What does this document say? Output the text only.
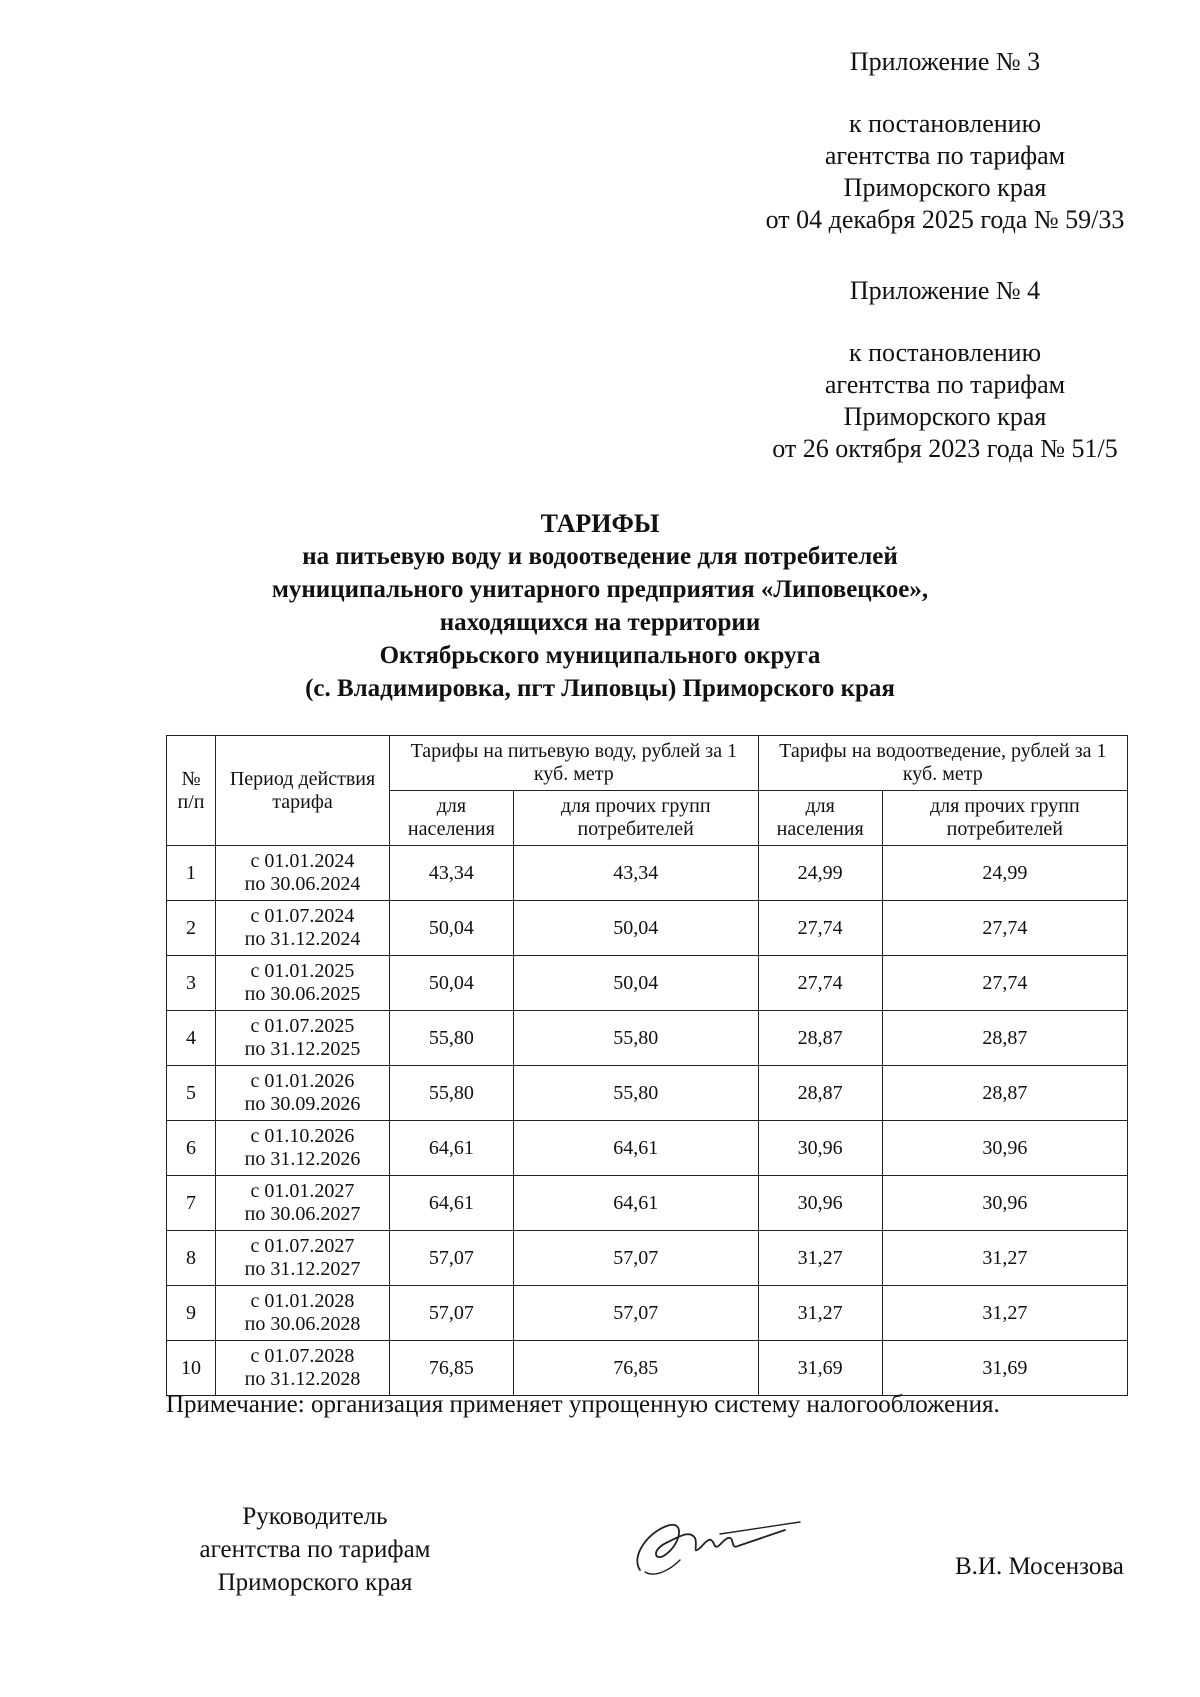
Приложение № 3
к постановлению
агентства по тарифам
Приморского края
от 04 декабря 2025 года № 59/33
Приложение № 4
к постановлению
агентства по тарифам
Приморского края
от 26 октября 2023 года № 51/5
ТАРИФЫ
на питьевую воду и водоотведение для потребителей
муниципального унитарного предприятия «Липовецкое»,
находящихся на территории
Октябрьского муниципального округа
(с. Владимировка, пгт Липовцы) Приморского края
№ п/п	Период действия тарифа	Тарифы на питьевую воду, рублей за 1 куб. метр		Тарифы на водоотведение, рублей за 1 куб. метр	
		для населения	для прочих групп потребителей	для населения	для прочих групп потребителей

1	с 01.01.2024
по 30.06.2024	43,34	43,34	24,99	24,99

2	с 01.07.2024
по 31.12.2024	50,04	50,04	27,74	27,74

3	с 01.01.2025
по 30.06.2025	50,04	50,04	27,74	27,74

4	с 01.07.2025
по 31.12.2025	55,80	55,80	28,87	28,87

5	с 01.01.2026
по 30.09.2026	55,80	55,80	28,87	28,87

6	с 01.10.2026
по 31.12.2026	64,61	64,61	30,96	30,96

7	с 01.01.2027
по 30.06.2027	64,61	64,61	30,96	30,96

8	с 01.07.2027
по 31.12.2027	57,07	57,07	31,27	31,27

9	с 01.01.2028
по 30.06.2028	57,07	57,07	31,27	31,27

10	с 01.07.2028
по 31.12.2028	76,85	76,85	31,69	31,69
Примечание: организация применяет упрощенную систему налогообложения.
Руководитель
агентства по тарифам
Приморского края
В.И. Мосензова
